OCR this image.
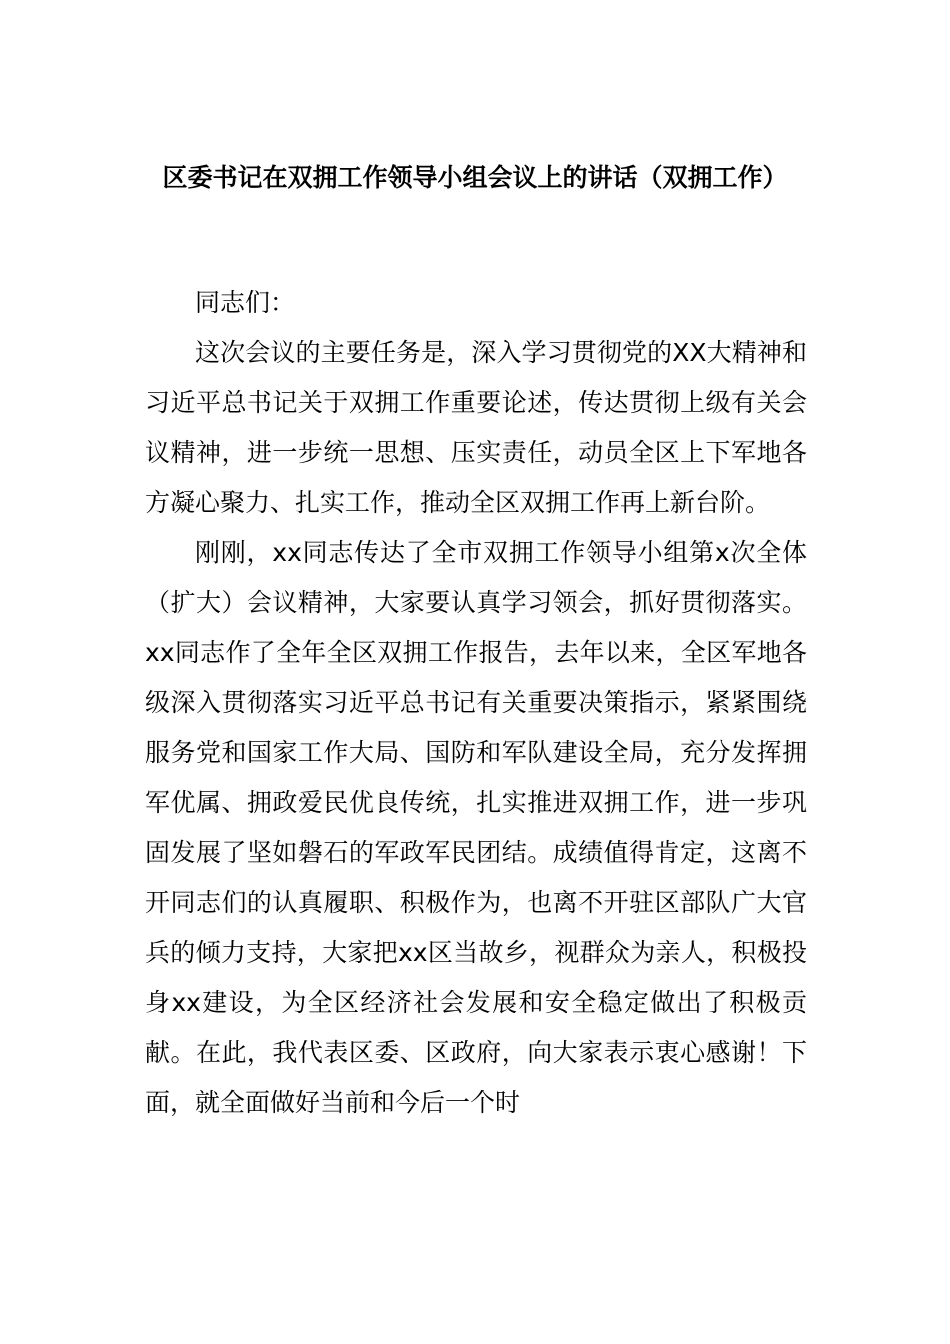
区委书记在双拥工作领导小组会议上的讲话（双拥工作）

同志们：

这次会议的主要任务是，深入学习贯彻党的XX大精神和习近平总书记关于双拥工作重要论述，传达贯彻上级有关会议精神，进一步统一思想、压实责任，动员全区上下军地各方凝心聚力、扎实工作，推动全区双拥工作再上新台阶。

刚刚，xx同志传达了全市双拥工作领导小组第x次全体（扩大）会议精神，大家要认真学习领会，抓好贯彻落实。xx同志作了全年全区双拥工作报告，去年以来，全区军地各级深入贯彻落实习近平总书记有关重要决策指示，紧紧围绕服务党和国家工作大局、国防和军队建设全局，充分发挥拥军优属、拥政爱民优良传统，扎实推进双拥工作，进一步巩固发展了坚如磐石的军政军民团结。成绩值得肯定，这离不开同志们的认真履职、积极作为，也离不开驻区部队广大官兵的倾力支持，大家把xx区当故乡，视群众为亲人，积极投身xx建设，为全区经济社会发展和安全稳定做出了积极贡献。在此，我代表区委、区政府，向大家表示衷心感谢！下面，就全面做好当前和今后一个时
